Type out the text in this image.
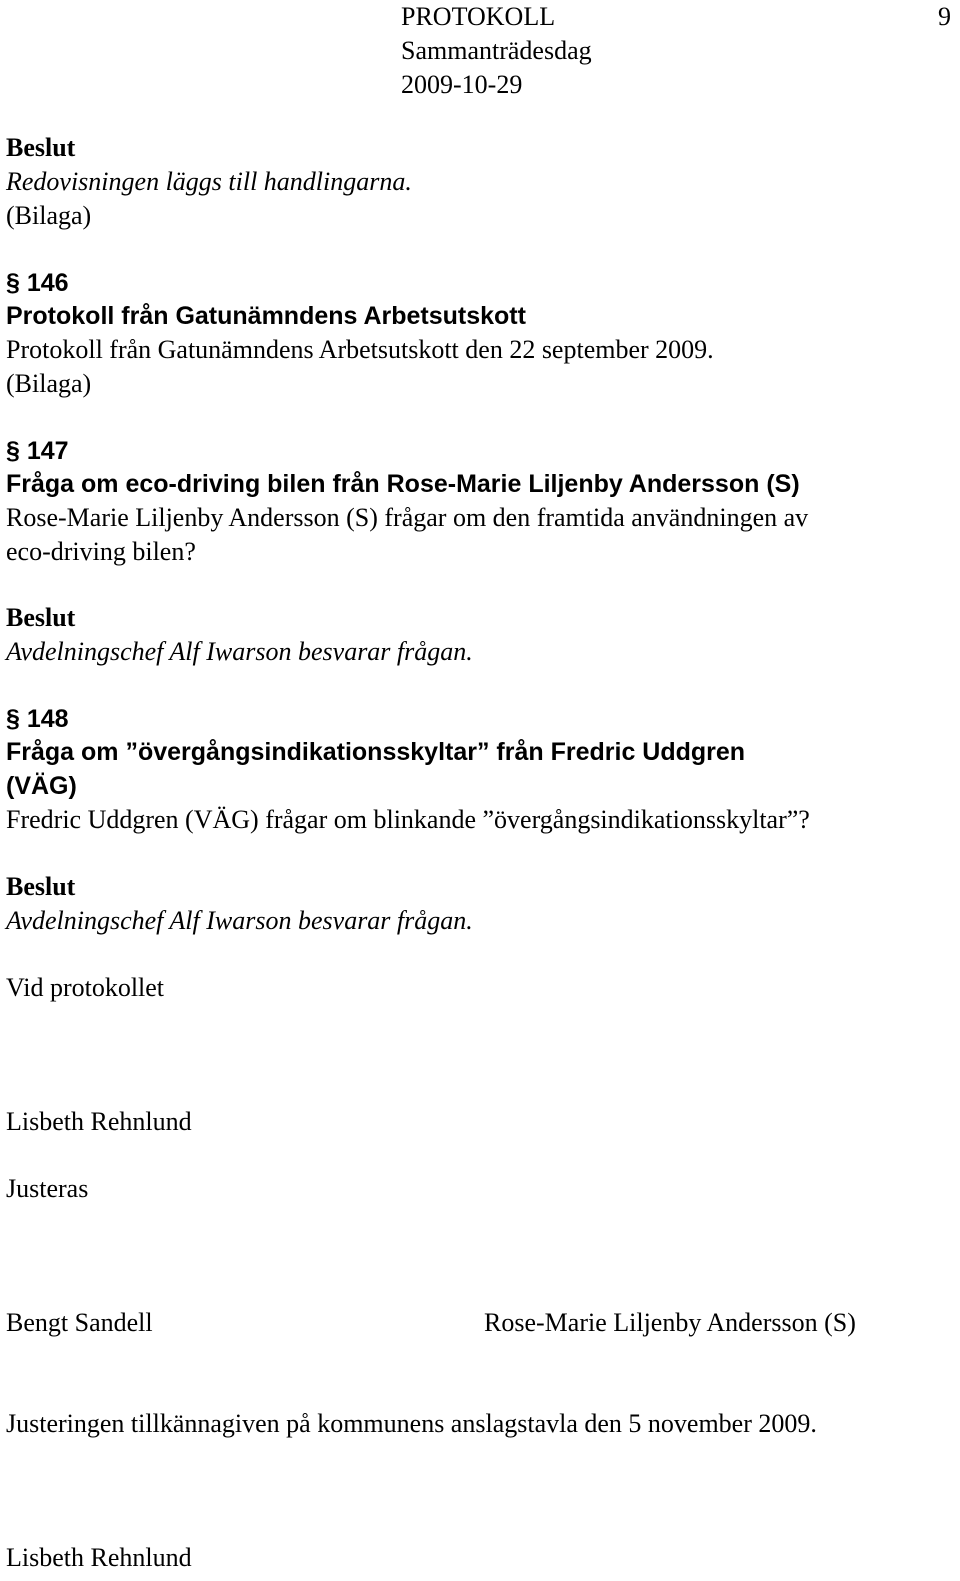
PROTOKOLL
Sammanträdesdag
2009-10-29
9
Beslut
Redovisningen läggs till handlingarna.
(Bilaga)
§ 146
Protokoll från Gatunämndens Arbetsutskott
Protokoll från Gatunämndens Arbetsutskott den 22 september 2009.
(Bilaga)
§ 147
Fråga om eco-driving bilen från Rose-Marie Liljenby Andersson (S)
Rose-Marie Liljenby Andersson (S) frågar om den framtida användningen av
eco-driving bilen?
Beslut
Avdelningschef Alf Iwarson besvarar frågan.
§ 148
Fråga om ”övergångsindikationsskyltar” från Fredric Uddgren
(VÄG)
Fredric Uddgren (VÄG) frågar om blinkande ”övergångsindikationsskyltar”?
Beslut
Avdelningschef Alf Iwarson besvarar frågan.
Vid protokollet
Lisbeth Rehnlund
Justeras
Bengt Sandell	Rose-Marie Liljenby Andersson (S)
Justeringen tillkännagiven på kommunens anslagstavla den 5 november 2009.
Lisbeth Rehnlund
